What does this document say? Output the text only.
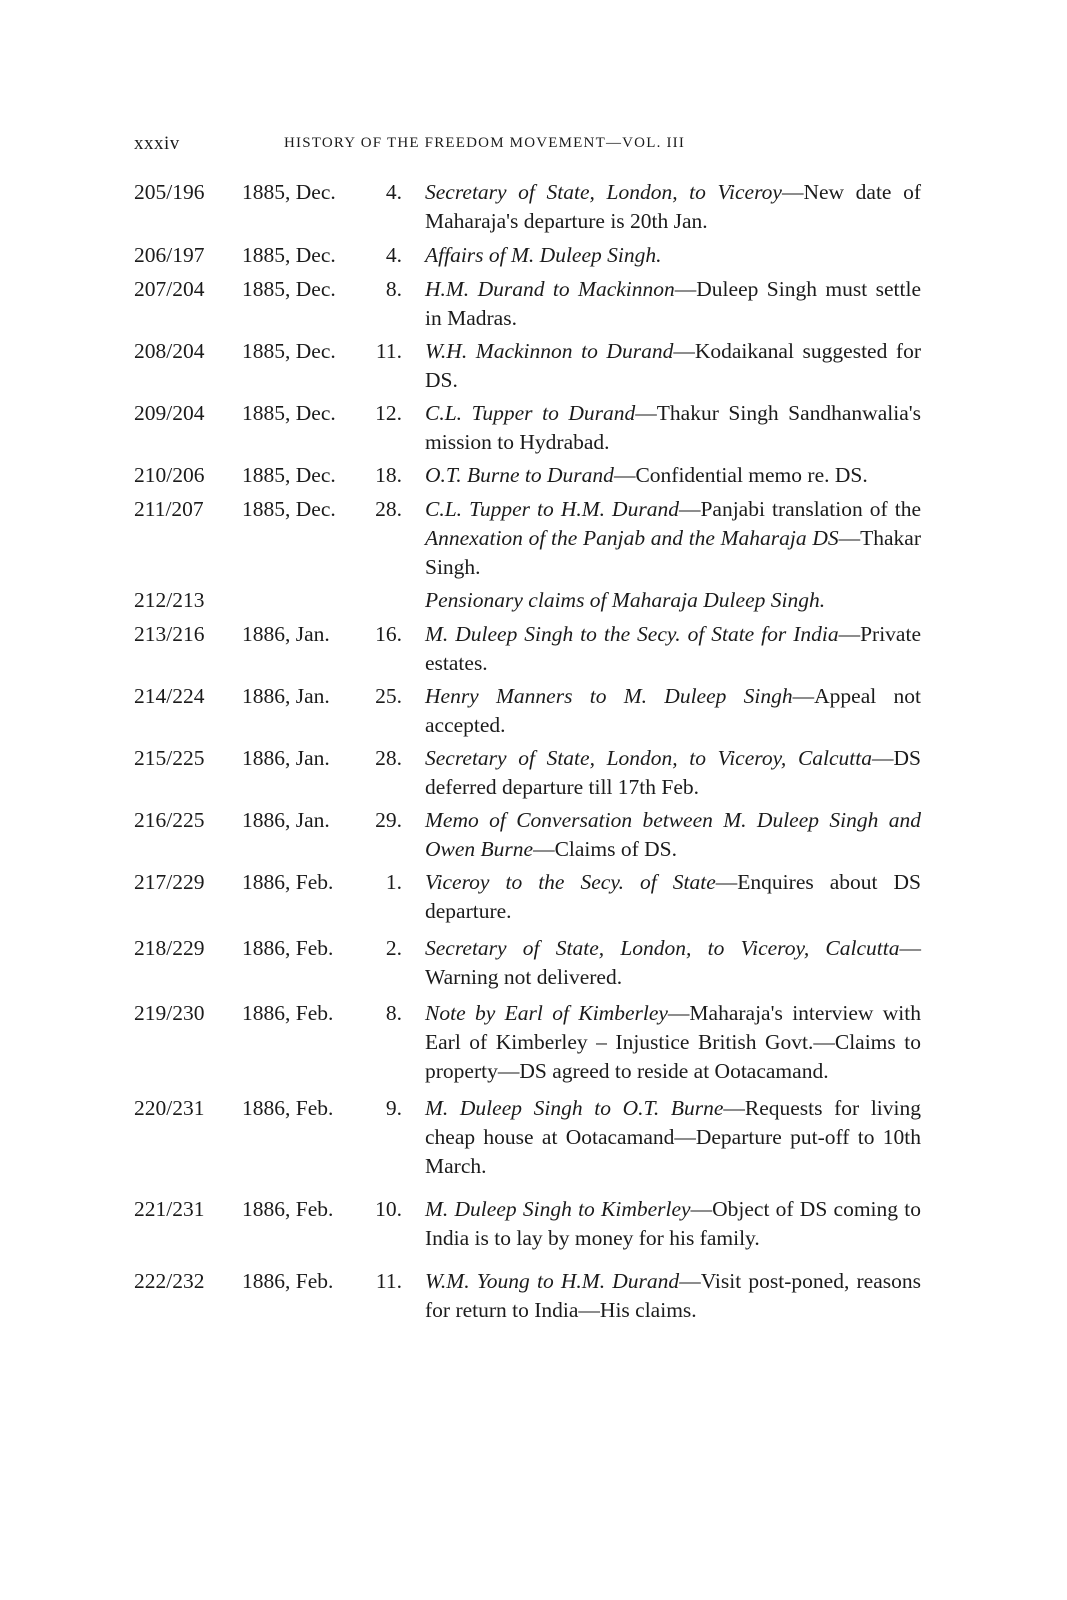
xxxiv	HISTORY OF THE FREEDOM MOVEMENT—VOL. III
205/196	1885, Dec. 4. Secretary of State, London, to Viceroy—New date of Maharaja's departure is 20th Jan.
206/197	1885, Dec. 4. Affairs of M. Duleep Singh.
207/204	1885, Dec. 8. H.M. Durand to Mackinnon—Duleep Singh must settle in Madras.
208/204	1885, Dec. 11. W.H. Mackinnon to Durand—Kodaikanal suggested for DS.
209/204	1885, Dec. 12. C.L. Tupper to Durand—Thakur Singh Sandhanwalia's mission to Hydrabad.
210/206	1885, Dec. 18. O.T. Burne to Durand—Confidential memo re. DS.
211/207	1885, Dec. 28. C.L. Tupper to H.M. Durand—Panjabi translation of the Annexation of the Panjab and the Maharaja DS—Thakar Singh.
212/213	Pensionary claims of Maharaja Duleep Singh.
213/216	1886, Jan. 16. M. Duleep Singh to the Secy. of State for India—Private estates.
214/224	1886, Jan. 25. Henry Manners to M. Duleep Singh—Appeal not accepted.
215/225	1886, Jan. 28. Secretary of State, London, to Viceroy, Calcutta—DS deferred departure till 17th Feb.
216/225	1886, Jan. 29. Memo of Conversation between M. Duleep Singh and Owen Burne—Claims of DS.
217/229	1886, Feb. 1. Viceroy to the Secy. of State—Enquires about DS departure.
218/229	1886, Feb. 2. Secretary of State, London, to Viceroy, Calcutta—Warning not delivered.
219/230	1886, Feb. 8. Note by Earl of Kimberley—Maharaja's interview with Earl of Kimberley – Injustice British Govt.—Claims to property—DS agreed to reside at Ootacamand.
220/231	1886, Feb. 9. M. Duleep Singh to O.T. Burne—Requests for living cheap house at Ootacamand—Departure put-off to 10th March.
221/231	1886, Feb. 10. M. Duleep Singh to Kimberley—Object of DS coming to India is to lay by money for his family.
222/232	1886, Feb. 11. W.M. Young to H.M. Durand—Visit post-poned, reasons for return to India—His claims.
